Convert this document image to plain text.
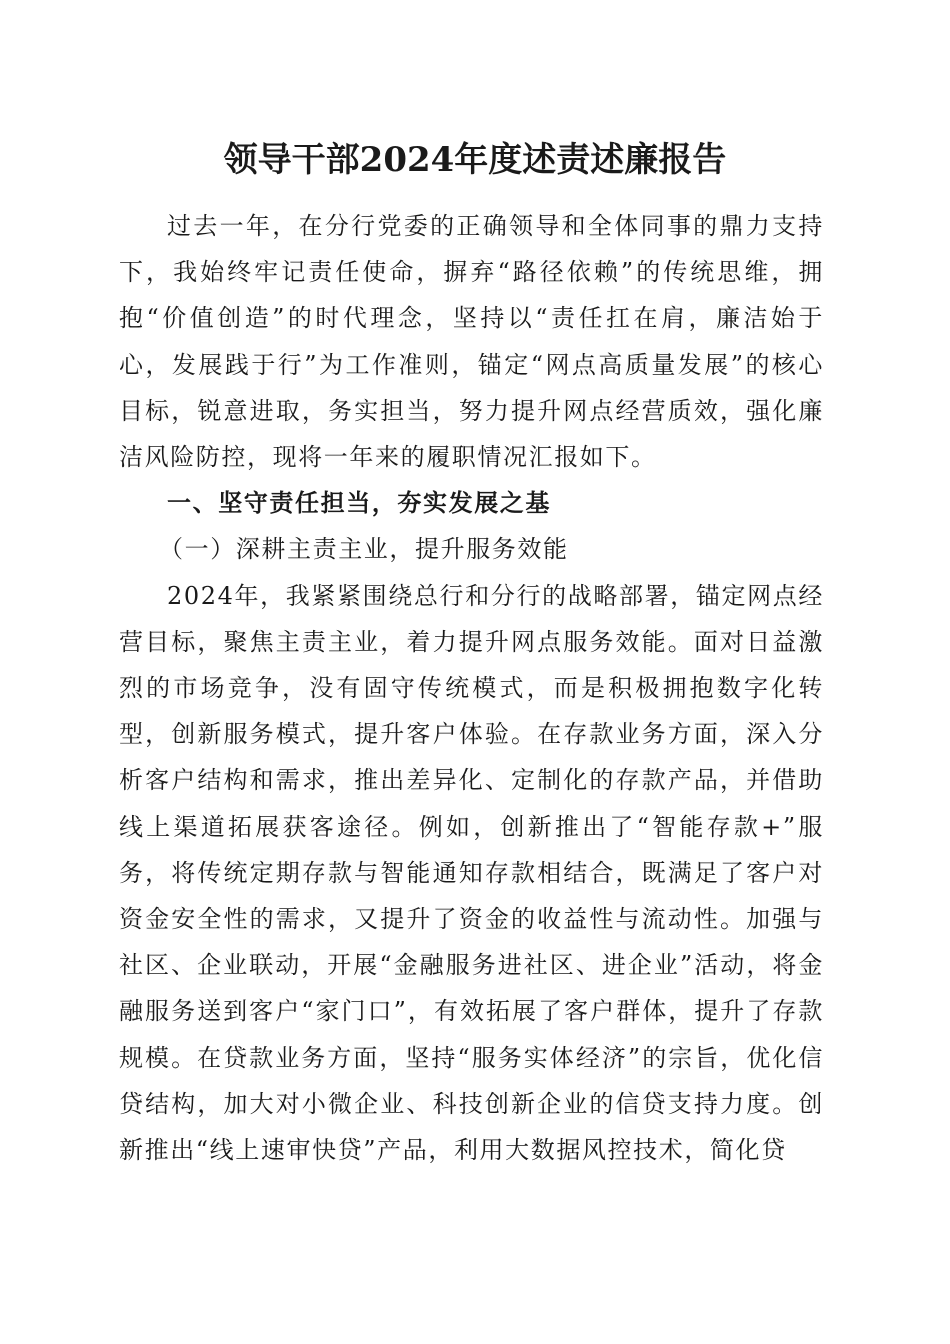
领导干部2024年度述责述廉报告

过去一年，在分行党委的正确领导和全体同事的鼎力支持下，我始终牢记责任使命，摒弃“路径依赖”的传统思维，拥抱“价值创造”的时代理念，坚持以“责任扛在肩，廉洁始于心，发展践于行”为工作准则，锚定“网点高质量发展”的核心目标，锐意进取，务实担当，努力提升网点经营质效，强化廉洁风险防控，现将一年来的履职情况汇报如下。

一、坚守责任担当，夯实发展之基

（一）深耕主责主业，提升服务效能

2024年，我紧紧围绕总行和分行的战略部署，锚定网点经营目标，聚焦主责主业，着力提升网点服务效能。面对日益激烈的市场竞争，没有固守传统模式，而是积极拥抱数字化转型，创新服务模式，提升客户体验。在存款业务方面，深入分析客户结构和需求，推出差异化、定制化的存款产品，并借助线上渠道拓展获客途径。例如，创新推出了“智能存款+”服务，将传统定期存款与智能通知存款相结合，既满足了客户对资金安全性的需求，又提升了资金的收益性与流动性。加强与社区、企业联动，开展“金融服务进社区、进企业”活动，将金融服务送到客户“家门口”，有效拓展了客户群体，提升了存款规模。在贷款业务方面，坚持“服务实体经济”的宗旨，优化信贷结构，加大对小微企业、科技创新企业的信贷支持力度。创新推出“线上速审快贷”产品，利用大数据风控技术，简化贷
